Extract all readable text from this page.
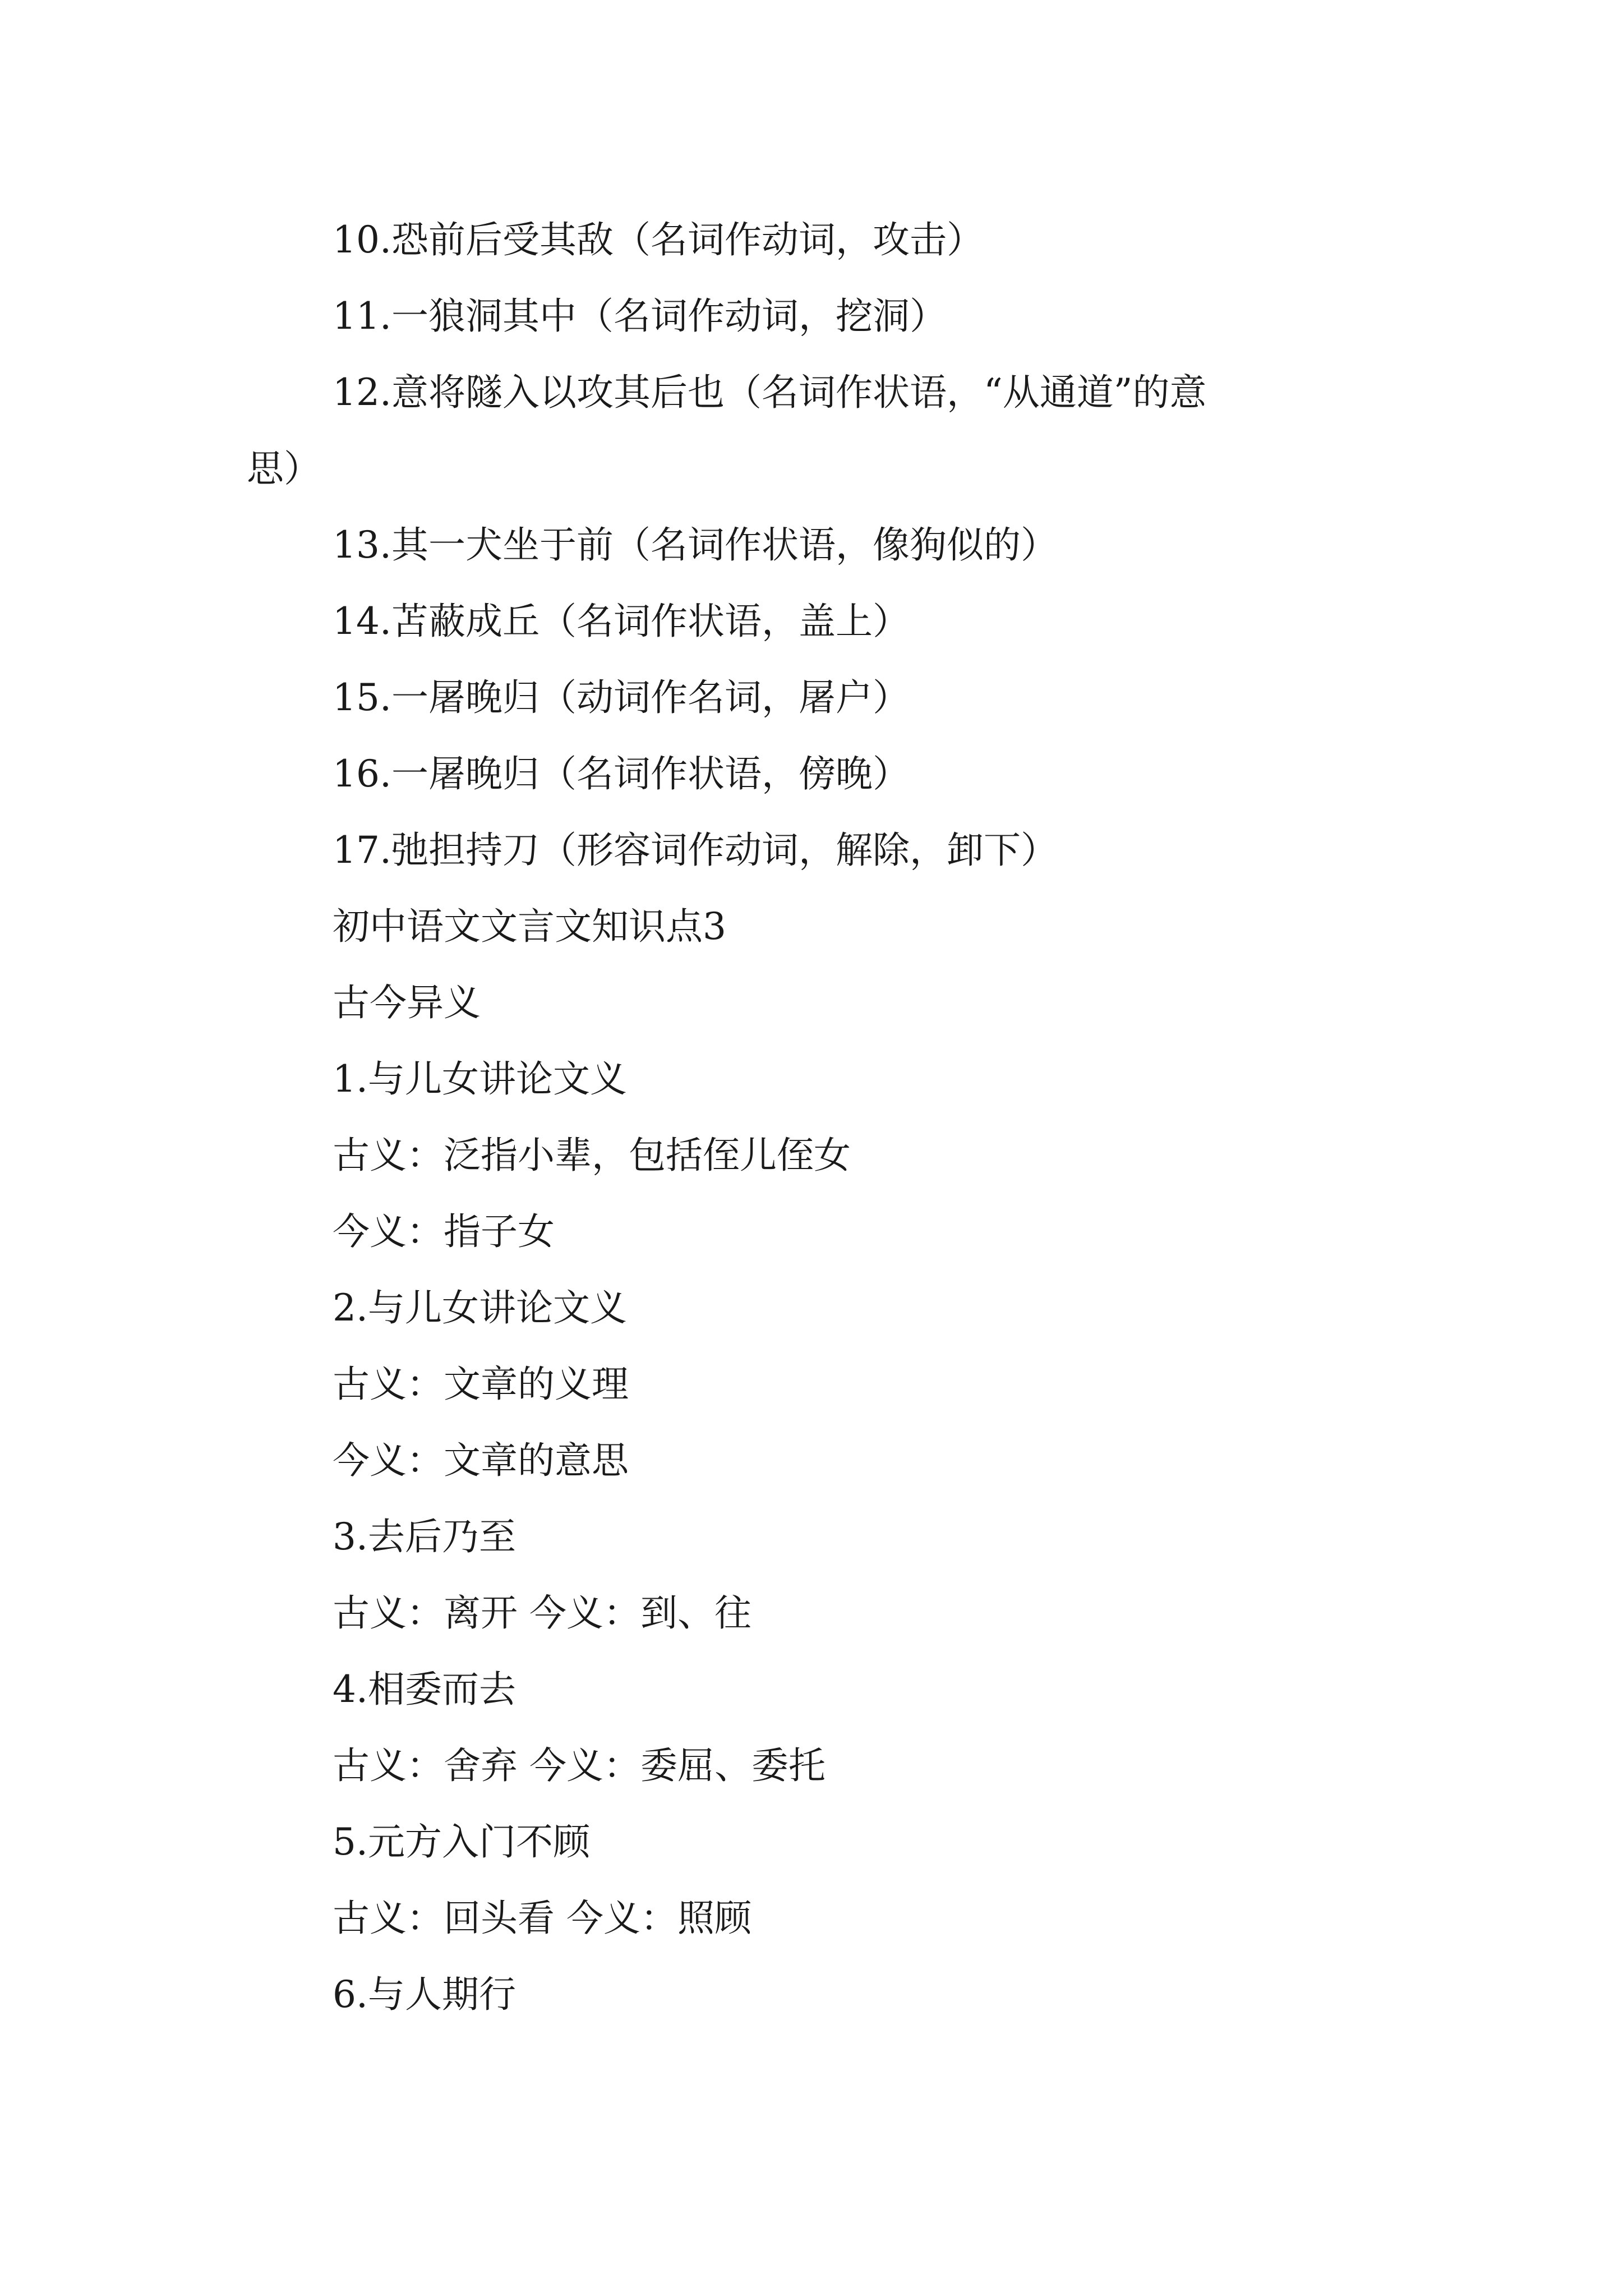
10.恐前后受其敌（名词作动词，攻击）
11.一狼洞其中（名词作动词，挖洞）
12.意将隧入以攻其后也（名词作状语，“从通道”的意
思）
13.其一犬坐于前（名词作状语，像狗似的）
14.苫蔽成丘（名词作状语，盖上）
15.一屠晚归（动词作名词，屠户）
16.一屠晚归（名词作状语，傍晚）
17.弛担持刀（形容词作动词，解除，卸下）
初中语文文言文知识点3
古今异义
1.与儿女讲论文义
古义：泛指小辈，包括侄儿侄女
今义：指子女
2.与儿女讲论文义
古义：文章的义理
今义：文章的意思
3.去后乃至
古义：离开 今义：到、往
4.相委而去
古义：舍弃 今义：委屈、委托
5.元方入门不顾
古义：回头看 今义：照顾
6.与人期行
